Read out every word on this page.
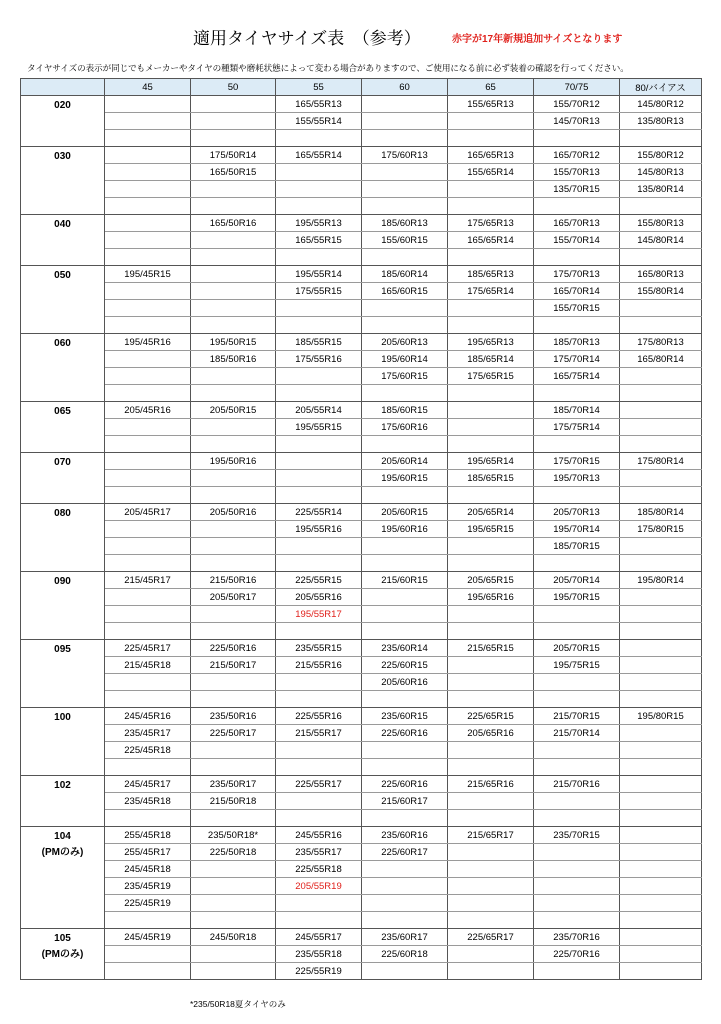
適用タイヤサイズ表　（参考）	赤字が17年新規追加サイズとなります
タイヤサイズの表示が同じでもメーカーやタイヤの種類や磨耗状態によって変わる場合がありますので、ご使用になる前に必ず装着の確認を行ってください。
	45	50	55	60	65	70/75	80/バイアス

020			165/55R13		155/65R13	155/70R12	145/80R12
			155/55R14			145/70R13	135/80R13

030		175/50R14	165/55R14	175/60R13	165/65R13	165/70R12	155/80R12
		165/50R15			155/65R14	155/70R13	145/80R13
						135/70R15	135/80R14

040		165/50R16	195/55R13	185/60R13	175/65R13	165/70R13	155/80R13
			165/55R15	155/60R15	165/65R14	155/70R14	145/80R14

050	195/45R15		195/55R14	185/60R14	185/65R13	175/70R13	165/80R13
			175/55R15	165/60R15	175/65R14	165/70R14	155/80R14
						155/70R15	

060	195/45R16	195/50R15	185/55R15	205/60R13	195/65R13	185/70R13	175/80R13
		185/50R16	175/55R16	195/60R14	185/65R14	175/70R14	165/80R14
				175/60R15	175/65R15	165/75R14	

065	205/45R16	205/50R15	205/55R14	185/60R15		185/70R14	
			195/55R15	175/60R16		175/75R14	

070		195/50R16		205/60R14	195/65R14	175/70R15	175/80R14
				195/60R15	185/65R15	195/70R13	

080	205/45R17	205/50R16	225/55R14	205/60R15	205/65R14	205/70R13	185/80R14
			195/55R16	195/60R16	195/65R15	195/70R14	175/80R15
						185/70R15	

090	215/45R17	215/50R16	225/55R15	215/60R15	205/65R15	205/70R14	195/80R14
		205/50R17	205/55R16		195/65R16	195/70R15	
			195/55R17				

095	225/45R17	225/50R16	235/55R15	235/60R14	215/65R15	205/70R15	
	215/45R18	215/50R17	215/55R16	225/60R15		195/75R15	
				205/60R16			

100	245/45R16	235/50R16	225/55R16	235/60R15	225/65R15	215/70R15	195/80R15
	235/45R17	225/50R17	215/55R17	225/60R16	205/65R16	215/70R14	
	225/45R18						

102	245/45R17	235/50R17	225/55R17	225/60R16	215/65R16	215/70R16	
	235/45R18	215/50R18		215/60R17			

104
(PMのみ)	255/45R18	235/50R18*	245/55R16	235/60R16	215/65R17	235/70R15	
	255/45R17	225/50R18	235/55R17	225/60R17			
	245/45R18		225/55R18				
	235/45R19		205/55R19				
	225/45R19						

105
(PMのみ)	245/45R19	245/50R18	245/55R17	235/60R17	225/65R17	235/70R16	
			235/55R18	225/60R18		225/70R16	
			225/55R19				
*235/50R18夏タイヤのみ
